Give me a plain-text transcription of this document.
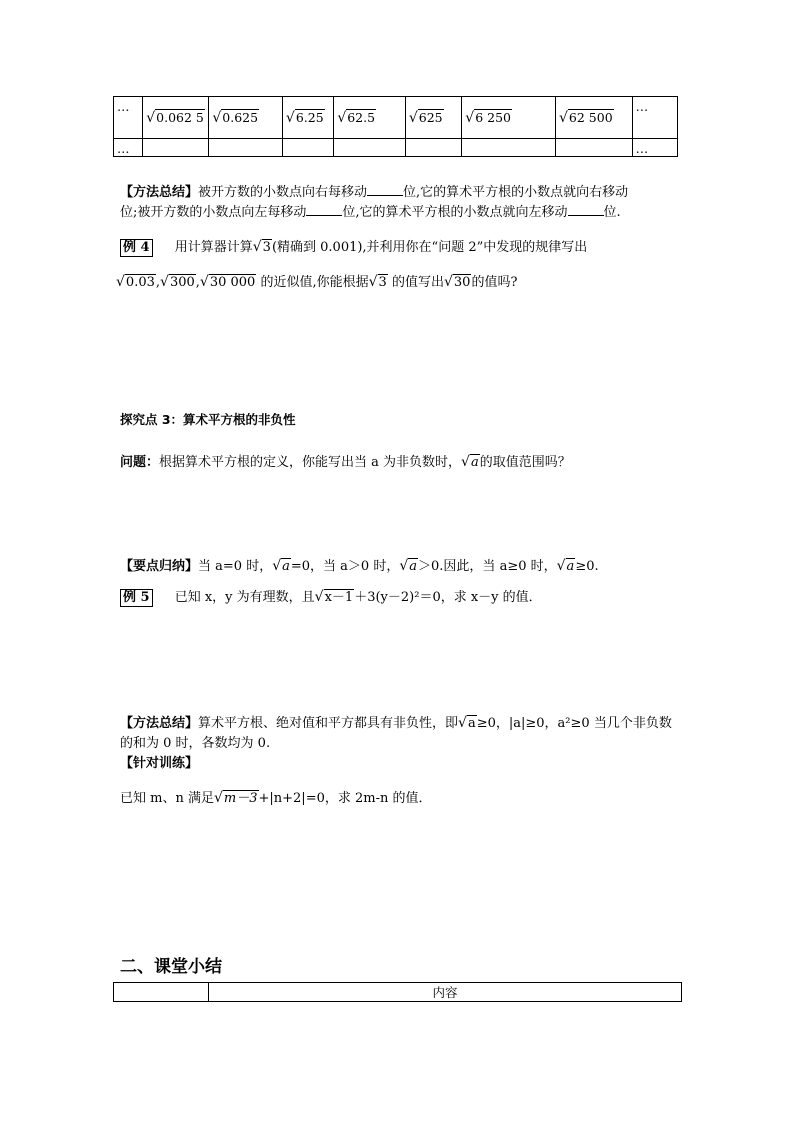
…	√0.062 5	√0.625	√6.25	√62.5	√625	√6 250	√62 500	…
…								…
【方法总结】被开方数的小数点向右每移动	位,它的算术平方根的小数点就向右移动
位;被开方数的小数点向左每移动	位,它的算术平方根的小数点就向左移动	位.
例 4 用计算器计算√3(精确到 0.001),并利用你在“问题 2”中发现的规律写出
√0.03,√300,√30 000 的近似值,你能根据√3 的值写出√30的值吗?
探究点 3：算术平方根的非负性
问题：根据算术平方根的定义，你能写出当 a 为非负数时，√a的取值范围吗？
【要点归纳】当 a=0 时，√a=0，当 a＞0 时，√a＞0.因此，当 a≥0 时，√a≥0.
例 5 已知 x，y 为有理数，且√x－1＋3(y－2)²＝0，求 x－y 的值．
【方法总结】算术平方根、绝对值和平方都具有非负性，即√a≥0，|a|≥0，a²≥0 当几个非负数
的和为 0 时，各数均为 0.
【针对训练】
已知 m、n 满足√m－3+|n+2|=0，求 2m-n 的值．
二、课堂小结
	内容
